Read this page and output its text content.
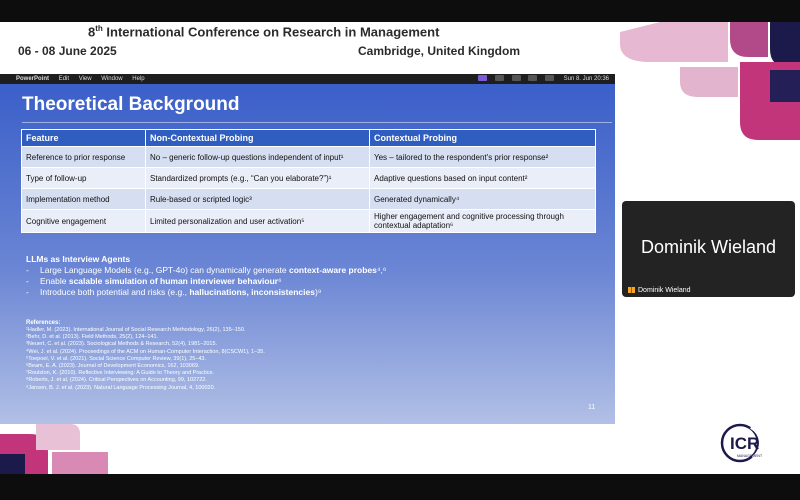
8th International Conference on Research in Management
06 - 08 June 2025	Cambridge, United Kingdom
PowerPoint Edit View Window Help	Sun 8. Jun 20:36
Theoretical Background
Feature	Non-Contextual Probing	Contextual Probing
Reference to prior response	No – generic follow-up questions independent of input¹	Yes – tailored to the respondent's prior response²
Type of follow-up	Standardized prompts (e.g., “Can you elaborate?”)¹	Adaptive questions based on input content²
Implementation method	Rule-based or scripted logic³	Generated dynamically⁴
Cognitive engagement	Limited personalization and user activation⁵	Higher engagement and cognitive processing through contextual adaptation⁶
LLMs as Interview Agents
- Large Language Models (e.g., GPT-4o) can dynamically generate context-aware probes⁴,⁶
- Enable scalable simulation of human interviewer behaviour⁶
- Introduce both potential and risks (e.g., hallucinations, inconsistencies)⁹
References:
¹Hadler, M. (2023). International Journal of Social Research Methodology, 26(2), 135–150.
²Behr, D. et al. (2013). Field Methods, 25(2), 124–141.
³Neuert, C. et al. (2023). Sociological Methods & Research, 52(4), 1981–2015.
⁴Wei, J. et al. (2024). Proceedings of the ACM on Human-Computer Interaction, 8(CSCW1), 1–35.
⁵Toepoel, V. et al. (2021). Social Science Computer Review, 39(1), 25–43.
⁶Beam, E. A. (2023). Journal of Development Economics, 162, 103069.
⁷Roulston, K. (2010). Reflective Interviewing: A Guide to Theory and Practice.
⁸Roberts, J. et al. (2024). Critical Perspectives on Accounting, 99, 102722.
⁹Jansen, B. J. et al. (2023). Natural Language Processing Journal, 4, 100020.
11

Dominik Wieland
Dominik Wieland
ICR
MANAGEMENT
